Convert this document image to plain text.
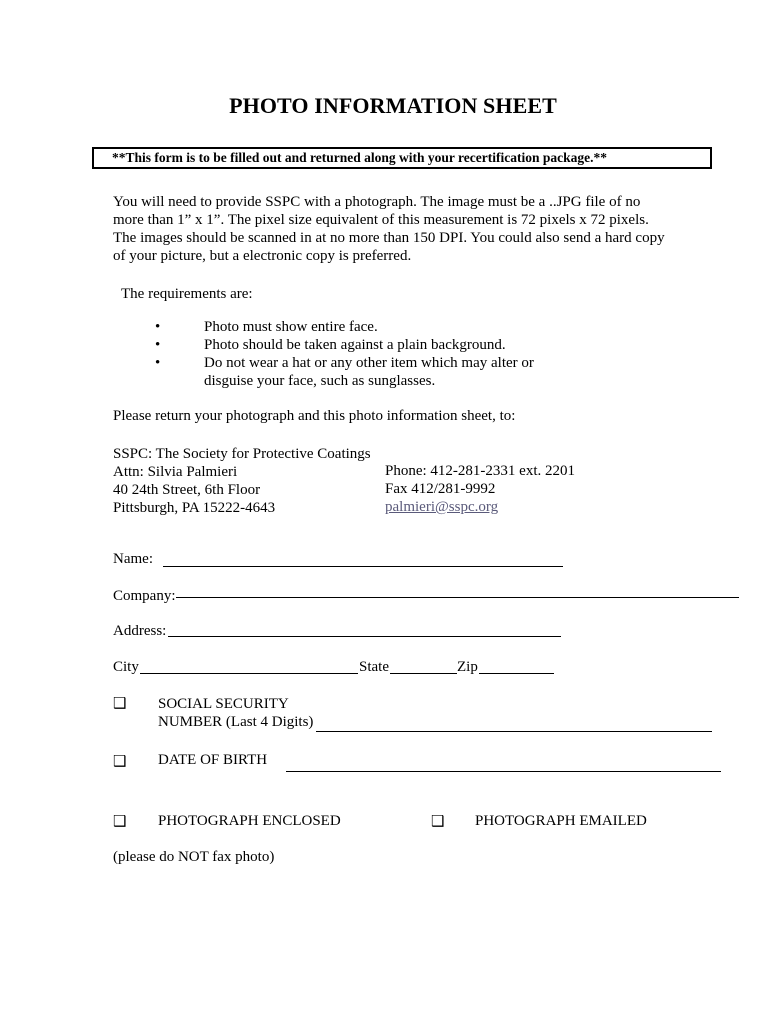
PHOTO INFORMATION SHEET
**This form is to be filled out and returned along with your recertification package.**
You will need to provide SSPC with a photograph. The image must be a ..JPG file of no
more than 1” x 1”. The pixel size equivalent of this measurement is 72 pixels x 72 pixels.
The images should be scanned in at no more than 150 DPI. You could also send a hard copy
of your picture, but a electronic copy is preferred.
The requirements are:
•	Photo must show entire face.
•	Photo should be taken against a plain background.
•	Do not wear a hat or any other item which may alter or
disguise your face, such as sunglasses.
Please return your photograph and this photo information sheet, to:
SSPC: The Society for Protective Coatings
Attn: Silvia Palmieri
40 24th Street, 6th Floor
Pittsburgh, PA 15222-4643
Phone: 412-281-2331 ext. 2201
Fax 412/281-9992
palmieri@sspc.org
Name:
Company:
Address:
City	State	Zip
❑ SOCIAL SECURITY
NUMBER (Last 4 Digits)
❑ DATE OF BIRTH
❑ PHOTOGRAPH ENCLOSED	❑ PHOTOGRAPH EMAILED
(please do NOT fax photo)
